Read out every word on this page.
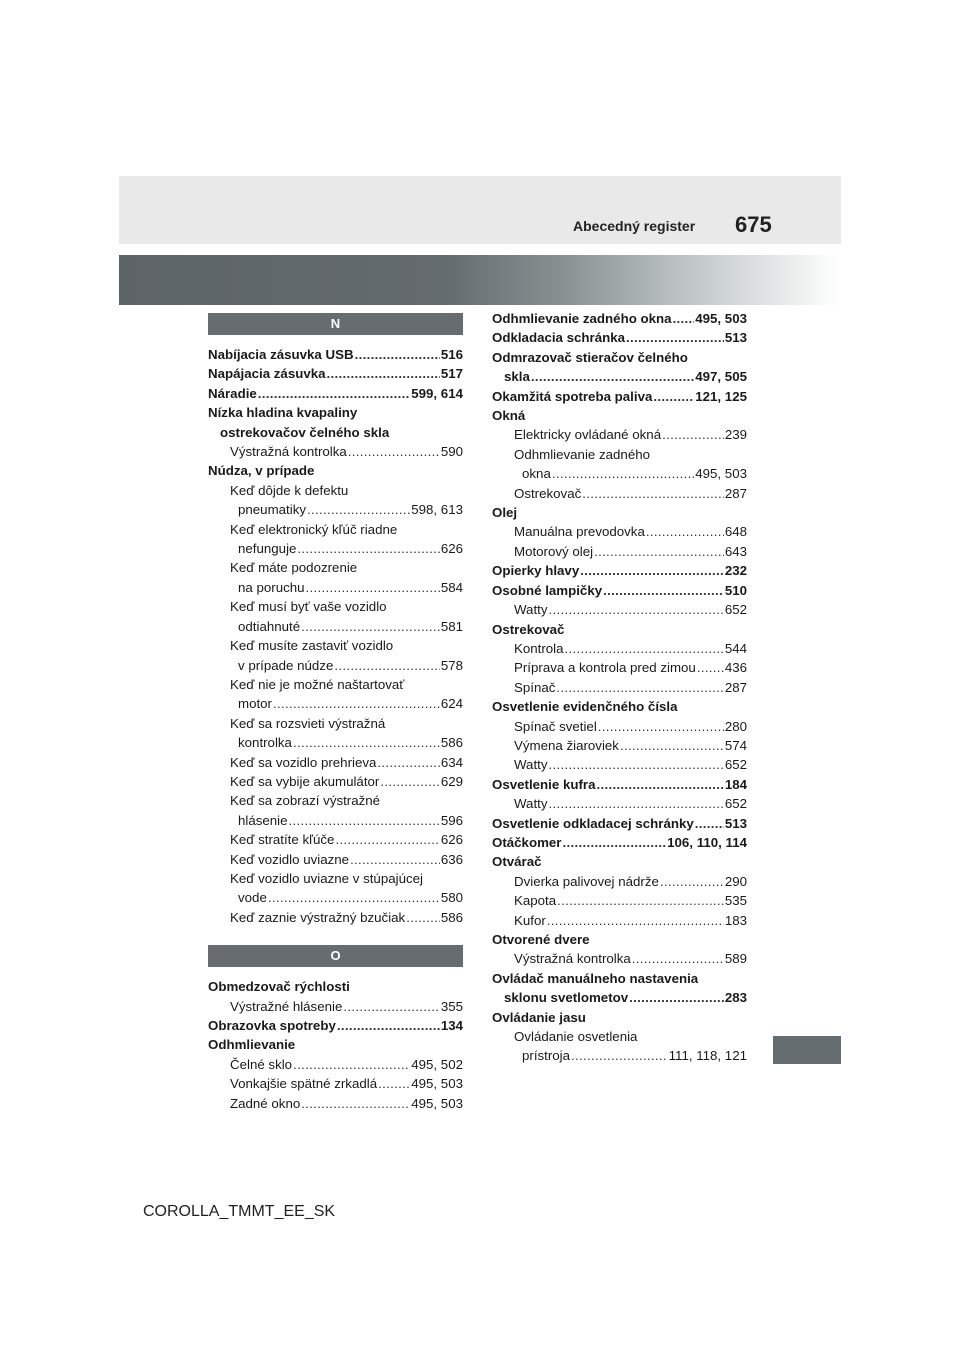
Abecedný register 675
N
Nabíjacia zásuvka USB .....	516
Napájacia zásuvka .....	517
Náradie .....	599, 614
Nízka hladina kvapaliny
ostrekovačov čelného skla
Výstražná kontrolka .....	590
Núdza, v prípade
Keď dôjde k defektu
pneumatiky .....	598, 613
Keď elektronický kľúč riadne
nefunguje .....	626
Keď máte podozrenie
na poruchu .....	584
Keď musí byť vaše vozidlo
odtiahnuté .....	581
Keď musíte zastaviť vozidlo
v prípade núdze .....	578
Keď nie je možné naštartovať
motor .....	624
Keď sa rozsvieti výstražná
kontrolka .....	586
Keď sa vozidlo prehrieva .....	634
Keď sa vybije akumulátor .....	629
Keď sa zobrazí výstražné
hlásenie .....	596
Keď stratíte kľúče .....	626
Keď vozidlo uviazne .....	636
Keď vozidlo uviazne v stúpajúcej
vode .....	580
Keď zaznie výstražný bzučiak .....	586
O
Obmedzovač rýchlosti
Výstražné hlásenie .....	355
Obrazovka spotreby .....	134
Odhmlievanie
Čelné sklo .....	495, 502
Vonkajšie spätné zrkadlá .....	495, 503
Zadné okno .....	495, 503
Odhmlievanie zadného okna ..... 495, 503
Odkladacia schránka .....	513
Odmrazovač stieračov čelného
skla .....	497, 505
Okamžitá spotreba paliva .....	121, 125
Okná
Elektricky ovládané okná .....	239
Odhmlievanie zadného
okna .....	495, 503
Ostrekovač .....	287
Olej
Manuálna prevodovka .....	648
Motorový olej .....	643
Opierky hlavy .....	232
Osobné lampičky .....	510
Watty .....	652
Ostrekovač
Kontrola .....	544
Príprava a kontrola pred zimou ..... 436
Spínač .....	287
Osvetlenie evidenčného čísla
Spínač svetiel .....	280
Výmena žiaroviek .....	574
Watty .....	652
Osvetlenie kufra .....	184
Watty .....	652
Osvetlenie odkladacej schránky ..... 513
Otáčkomer .....	106, 110, 114
Otvárač
Dvierka palivovej nádrže .....	290
Kapota .....	535
Kufor .....	183
Otvorené dvere
Výstražná kontrolka .....	589
Ovládač manuálneho nastavenia
sklonu svetlometov .....	283
Ovládanie jasu
Ovládanie osvetlenia
prístroja .....	111, 118, 121
COROLLA_TMMT_EE_SK
